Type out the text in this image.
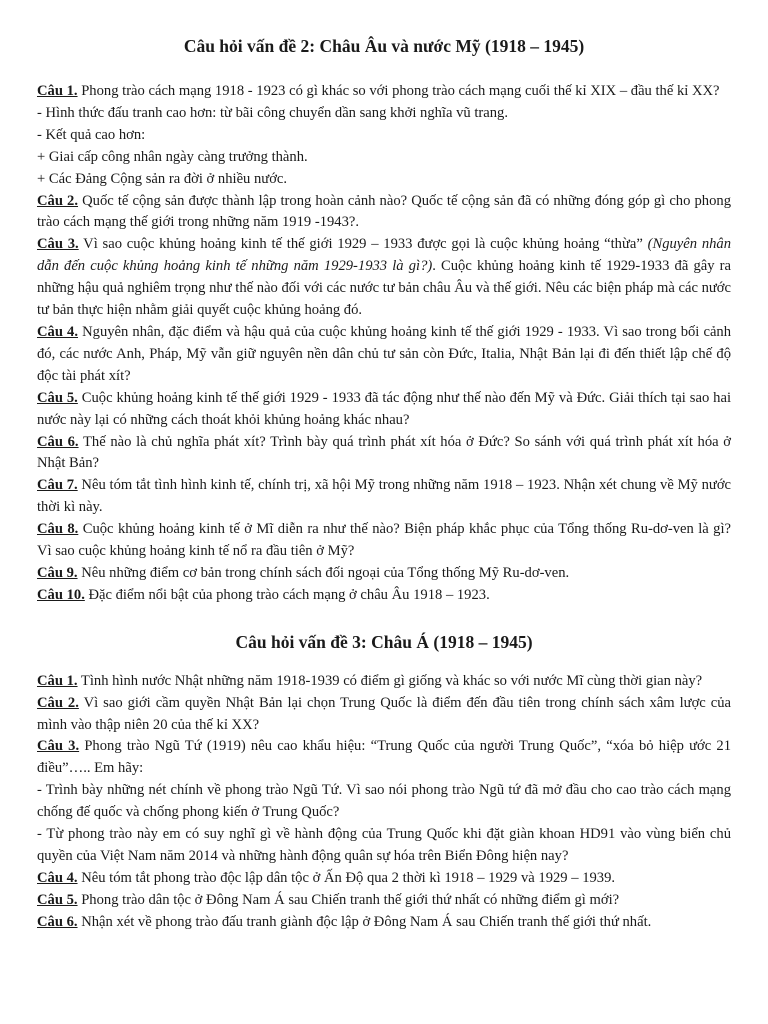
Câu hỏi vấn đề 2: Châu Âu và nước Mỹ (1918 – 1945)

Câu 1. Phong trào cách mạng 1918 - 1923 có gì khác so với phong trào cách mạng cuối thế kỉ XIX – đầu thế kỉ XX?

- Hình thức đấu tranh cao hơn: từ bãi công chuyển dần sang khởi nghĩa vũ trang.

- Kết quả cao hơn:

+ Giai cấp công nhân ngày càng trưởng thành.

+ Các Đảng Cộng sản ra đời ở nhiều nước.

Câu 2. Quốc tế cộng sản được thành lập trong hoàn cảnh nào? Quốc tế cộng sản đã có những đóng góp gì cho phong trào cách mạng thế giới trong những năm 1919 -1943?.

Câu 3. Vì sao cuộc khủng hoảng kinh tế thế giới 1929 – 1933 được gọi là cuộc khủng hoảng “thừa” (Nguyên nhân dẫn đến cuộc khủng hoảng kinh tế những năm 1929-1933 là gì?). Cuộc khủng hoảng kinh tế 1929-1933 đã gây ra những hậu quả nghiêm trọng như thế nào đối với các nước tư bản châu Âu và thế giới. Nêu các biện pháp mà các nước tư bản thực hiện nhằm giải quyết cuộc khủng hoảng đó.

Câu 4. Nguyên nhân, đặc điểm và hậu quả của cuộc khủng hoảng kinh tế thế giới 1929 - 1933. Vì sao trong bối cảnh đó, các nước Anh, Pháp, Mỹ vẫn giữ nguyên nền dân chủ tư sản còn Đức, Italia, Nhật Bản lại đi đến thiết lập chế độ độc tài phát xít?

Câu 5. Cuộc khủng hoảng kinh tế thế giới 1929 - 1933 đã tác động như thế nào đến Mỹ và Đức. Giải thích tại sao hai nước này lại có những cách thoát khỏi khủng hoảng khác nhau?

Câu 6. Thế nào là chủ nghĩa phát xít? Trình bày quá trình phát xít hóa ở Đức? So sánh với quá trình phát xít hóa ở Nhật Bản?

Câu 7. Nêu tóm tắt tình hình kinh tế, chính trị, xã hội Mỹ trong những năm 1918 – 1923. Nhận xét chung về Mỹ nước thời kì này.

Câu 8. Cuộc khủng hoảng kinh tế ở Mĩ diễn ra như thế nào? Biện pháp khắc phục của Tổng thống Ru-dơ-ven là gì? Vì sao cuộc khủng hoảng kinh tế nổ ra đầu tiên ở Mỹ?

Câu 9. Nêu những điểm cơ bản trong chính sách đối ngoại của Tổng thống Mỹ Ru-dơ-ven.

Câu 10. Đặc điểm nổi bật của phong trào cách mạng ở châu Âu 1918 – 1923.

Câu hỏi vấn đề 3: Châu Á (1918 – 1945)

Câu 1. Tình hình nước Nhật những năm 1918-1939 có điểm gì giống và khác so với nước Mĩ cùng thời gian này?

Câu 2. Vì sao giới cầm quyền Nhật Bản lại chọn Trung Quốc là điểm đến đầu tiên trong chính sách xâm lược của mình vào thập niên 20 của thế kỉ XX?

Câu 3. Phong trào Ngũ Tứ (1919) nêu cao khẩu hiệu: “Trung Quốc của người Trung Quốc”, “xóa bỏ hiệp ước 21 điều”….. Em hãy:

- Trình bày những nét chính về phong trào Ngũ Tứ. Vì sao nói phong trào Ngũ tứ đã mở đầu cho cao trào cách mạng chống đế quốc và chống phong kiến ở Trung Quốc?

- Từ phong trào này em có suy nghĩ gì về hành động của Trung Quốc khi đặt giàn khoan HD91 vào vùng biển chủ quyền của Việt Nam năm 2014 và những hành động quân sự hóa trên Biển Đông hiện nay?

Câu 4. Nêu tóm tắt phong trào độc lập dân tộc ở Ấn Độ qua 2 thời kì 1918 – 1929 và 1929 – 1939.

Câu 5. Phong trào dân tộc ở Đông Nam Á sau Chiến tranh thế giới thứ nhất có những điểm gì mới?

Câu 6. Nhận xét về phong trào đấu tranh giành độc lập ở Đông Nam Á sau Chiến tranh thế giới thứ nhất.
